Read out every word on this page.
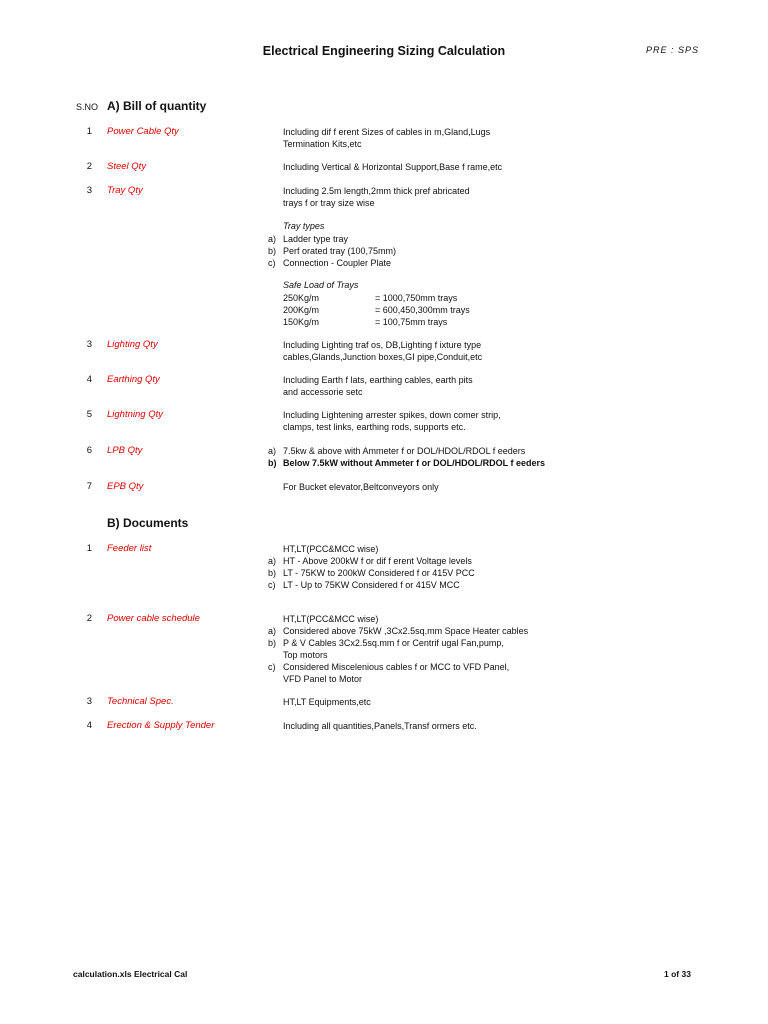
Electrical Engineering Sizing Calculation	PRE : SPS
S.NO A) Bill of quantity
1 Power Cable Qty	Including dif f erent Sizes of cables in m,Gland,Lugs
Termination Kits,etc
2 Steel Qty	Including Vertical & Horizontal Support,Base f rame,etc
3 Tray Qty	Including 2.5m length,2mm thick pref abricated
trays f or tray size wise
Tray types
a) Ladder type tray
b) Perf orated tray (100,75mm)
c) Connection - Coupler Plate
Safe Load of Trays
250Kg/m	= 1000,750mm trays
200Kg/m	= 600,450,300mm trays
150Kg/m	= 100,75mm trays
3 Lighting Qty	Including Lighting traf os, DB,Lighting f ixture type
cables,Glands,Junction boxes,GI pipe,Conduit,etc
4 Earthing Qty	Including Earth f lats, earthing cables, earth pits
and accessorie setc
5 Lightning Qty	Including Lightening arrester spikes, down comer strip,
clamps, test links, earthing rods, supports etc.
6 LPB Qty	a) 7.5kw & above with Ammeter f or DOL/HDOL/RDOL f eeders
b) Below 7.5kW without Ammeter f or DOL/HDOL/RDOL f eeders
7 EPB Qty	For Bucket elevator,Beltconveyors only
B) Documents
1 Feeder list	HT,LT(PCC&MCC wise)
a) HT - Above 200kW f or dif f erent Voltage levels
b) LT - 75KW to 200kW Considered f or 415V PCC
c) LT - Up to 75KW Considered f or 415V MCC
2 Power cable schedule	HT,LT(PCC&MCC wise)
a) Considered above 75kW ,3Cx2.5sq.mm Space Heater cables
b) P & V Cables 3Cx2.5sq.mm f or Centrif ugal Fan,pump,
Top motors
c) Considered Miscelenious cables f or MCC to VFD Panel,
VFD Panel to Motor
3 Technical Spec.	HT,LT Equipments,etc
4 Erection & Supply Tender	Including all quantities,Panels,Transf ormers etc.
calculation.xls Electrical Cal	1 of 33
